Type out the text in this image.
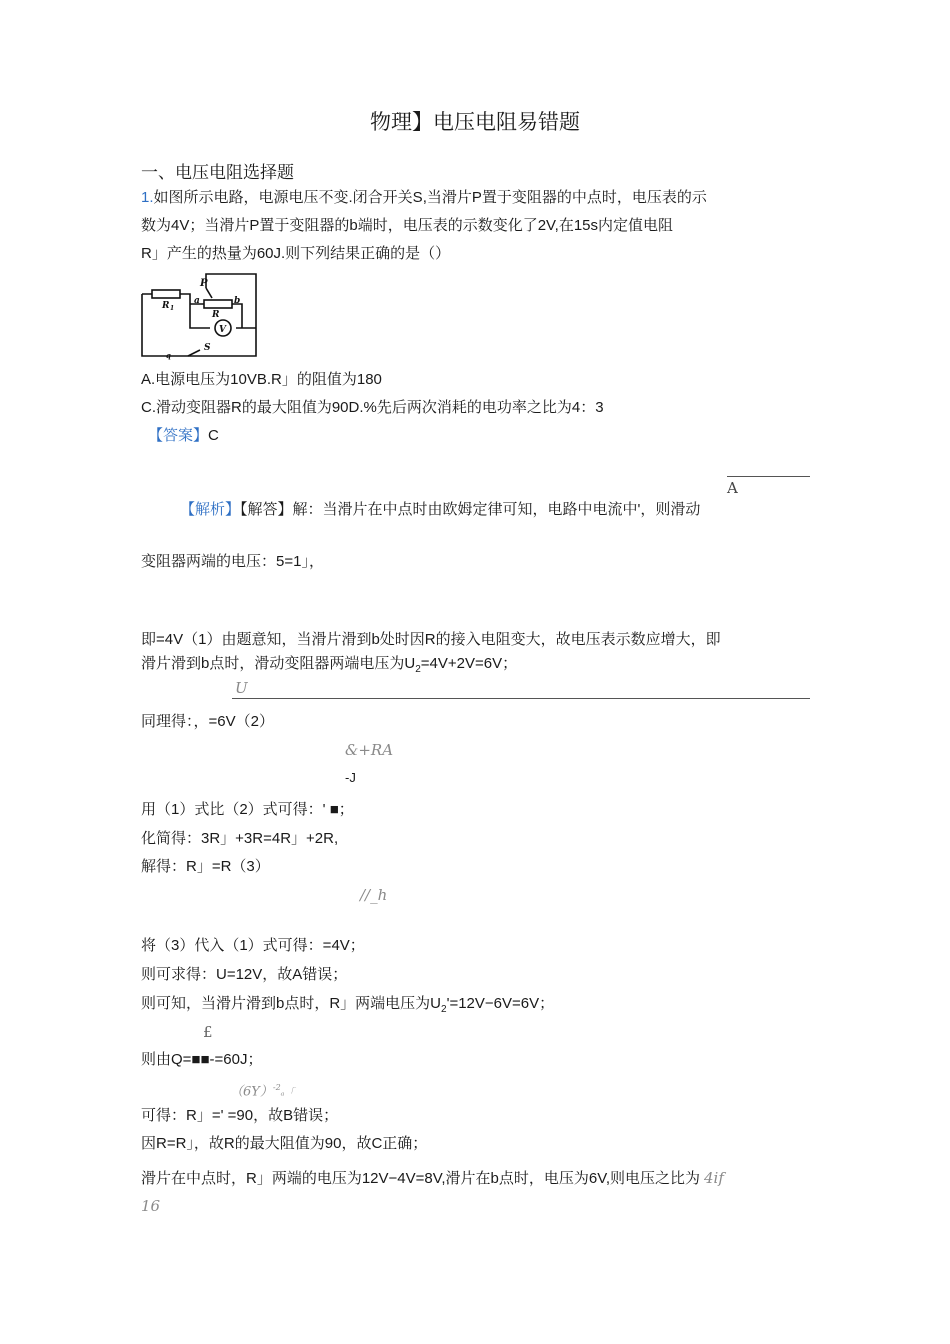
物理】电压电阻易错题
一、电压电阻选择题
1.如图所示电路，电源电压不变.闭合开关S,当滑片P置于变阻器的中点时，电压表的示
数为4V；当滑片P置于变阻器的b端时，电压表的示数变化了2V,在15s内定值电阻
R」产生的热量为60J.则下列结果正确的是（）
P
a
R
b
R 1
V
S
q
A.电源电压为10VB.R」的阻值为180
C.滑动变阻器R的最大阻值为90D.%先后两次消耗的电功率之比为4：3
【答案】C
A
【解析】【解答】解：当滑片在中点时由欧姆定律可知，电路中电流中'，则滑动
变阻器两端的电压：5=1」，
即=4V（1）由题意知，当滑片滑到b处时因R的接入电阻变大，故电压表示数应增大，即
滑片滑到b点时，滑动变阻器两端电压为$U_2=4V+2V=6V$；
U
同理得：，=6V（2）
&+RA
-J
用（1）式比（2）式可得：' ■；
化简得：3R」+3R=4R」+2R,
解得：R」=R（3）
//_h
将（3）代入（1）式可得：=4V；
则可求得：U=12V，故A错误；
则可知，当滑片滑到b点时，R」两端电压为$U_2'=12V-6V=6V$；
£
则由Q=■■-=60J；
$(6Y)^{-2}_a$「
可得：R」=' =90，故B错误；
因R=R」，故R的最大阻值为90，故C正确；
滑片在中点时，R」两端的电压为12V−4V=8V,滑片在b点时，电压为6V,则电压之比为 4if
16
